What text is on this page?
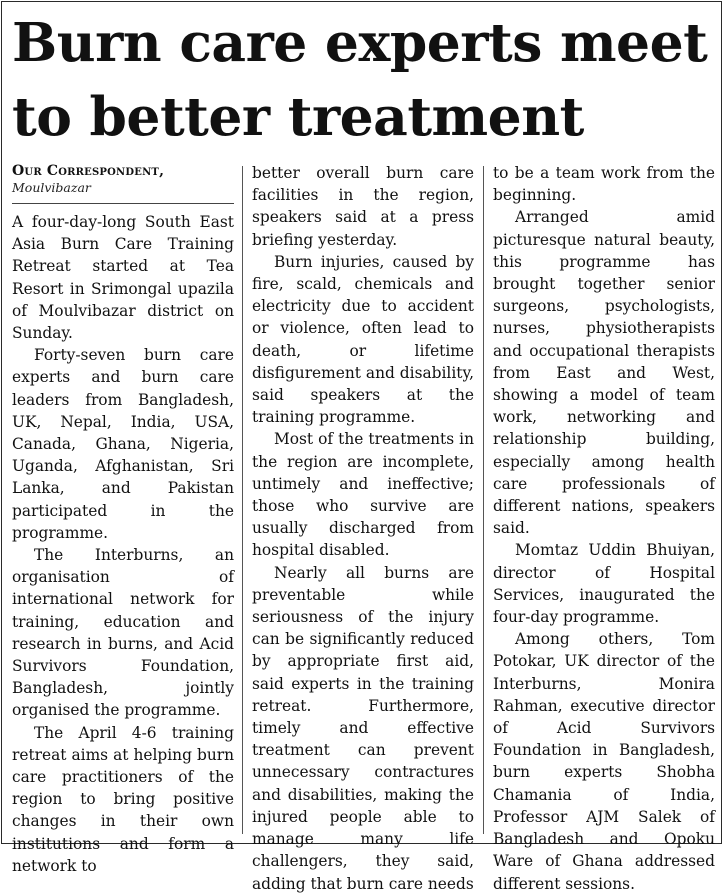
Burn care experts meet to better treatment
Our Correspondent,
Moulvibazar

A four-day-long South East Asia Burn Care Training Retreat started at Tea Resort in Srimongal upazila of Moulvibazar district on Sunday.

Forty-seven burn care experts and burn care leaders from Bangladesh, UK, Nepal, India, USA, Canada, Ghana, Nigeria, Uganda, Afghanistan, Sri Lanka, and Pakistan participated in the programme.

The Interburns, an organisation of international network for training, education and research in burns, and Acid Survivors Foundation, Bangladesh, jointly organised the programme.

The April 4-6 training retreat aims at helping burn care practitioners of the region to bring positive changes in their own institutions and form a network to

better overall burn care facilities in the region, speakers said at a press briefing yesterday.

Burn injuries, caused by fire, scald, chemicals and electricity due to accident or violence, often lead to death, or lifetime disfigurement and disability, said speakers at the training programme.

Most of the treatments in the region are incomplete, untimely and ineffective; those who survive are usually discharged from hospital disabled.

Nearly all burns are preventable while seriousness of the injury can be significantly reduced by appropriate first aid, said experts in the training retreat. Furthermore, timely and effective treatment can prevent unnecessary contractures and disabilities, making the injured people able to manage many life challengers, they said, adding that burn care needs

to be a team work from the beginning.

Arranged amid picturesque natural beauty, this programme has brought together senior surgeons, psychologists, nurses, physiotherapists and occupational therapists from East and West, showing a model of team work, networking and relationship building, especially among health care professionals of different nations, speakers said.

Momtaz Uddin Bhuiyan, director of Hospital Services, inaugurated the four-day programme.

Among others, Tom Potokar, UK director of the Interburns, Monira Rahman, executive director of Acid Survivors Foundation in Bangladesh, burn experts Shobha Chamania of India, Professor AJM Salek of Bangladesh and Opoku Ware of Ghana addressed different sessions.
